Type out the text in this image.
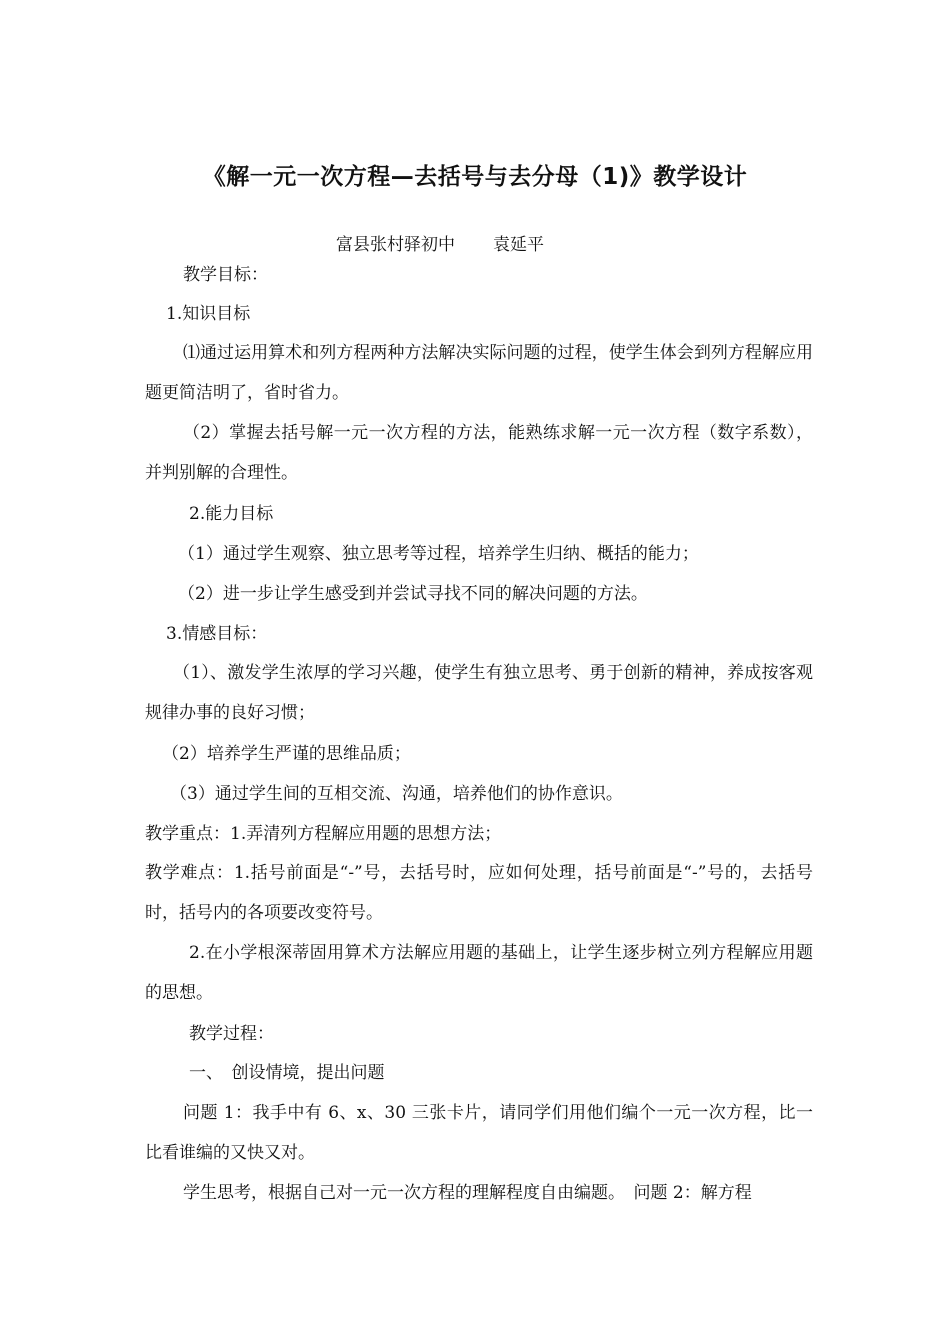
《解一元一次方程—去括号与去分母（1)》教学设计
富县张村驿初中 袁延平
教学目标：
1.知识目标
⑴通过运用算术和列方程两种方法解决实际问题的过程，使学生体会到列方程解应用题更简洁明了，省时省力。
（2）掌握去括号解一元一次方程的方法，能熟练求解一元一次方程（数字系数），并判别解的合理性。
2.能力目标
（1）通过学生观察、独立思考等过程，培养学生归纳、概括的能力；
（2）进一步让学生感受到并尝试寻找不同的解决问题的方法。
3.情感目标：
（1）、激发学生浓厚的学习兴趣，使学生有独立思考、勇于创新的精神，养成按客观规律办事的良好习惯；
（2）培养学生严谨的思维品质；
（3）通过学生间的互相交流、沟通，培养他们的协作意识。
教学重点：1.弄清列方程解应用题的思想方法；
教学难点：1.括号前面是“-”号，去括号时，应如何处理，括号前面是“-”号的，去括号时，括号内的各项要改变符号。
2.在小学根深蒂固用算术方法解应用题的基础上，让学生逐步树立列方程解应用题的思想。
教学过程：
一、　创设情境，提出问题
问题 1：我手中有 6、x、30 三张卡片，请同学们用他们编个一元一次方程，比一比看谁编的又快又对。
学生思考，根据自己对一元一次方程的理解程度自由编题。　问题 2：解方程
